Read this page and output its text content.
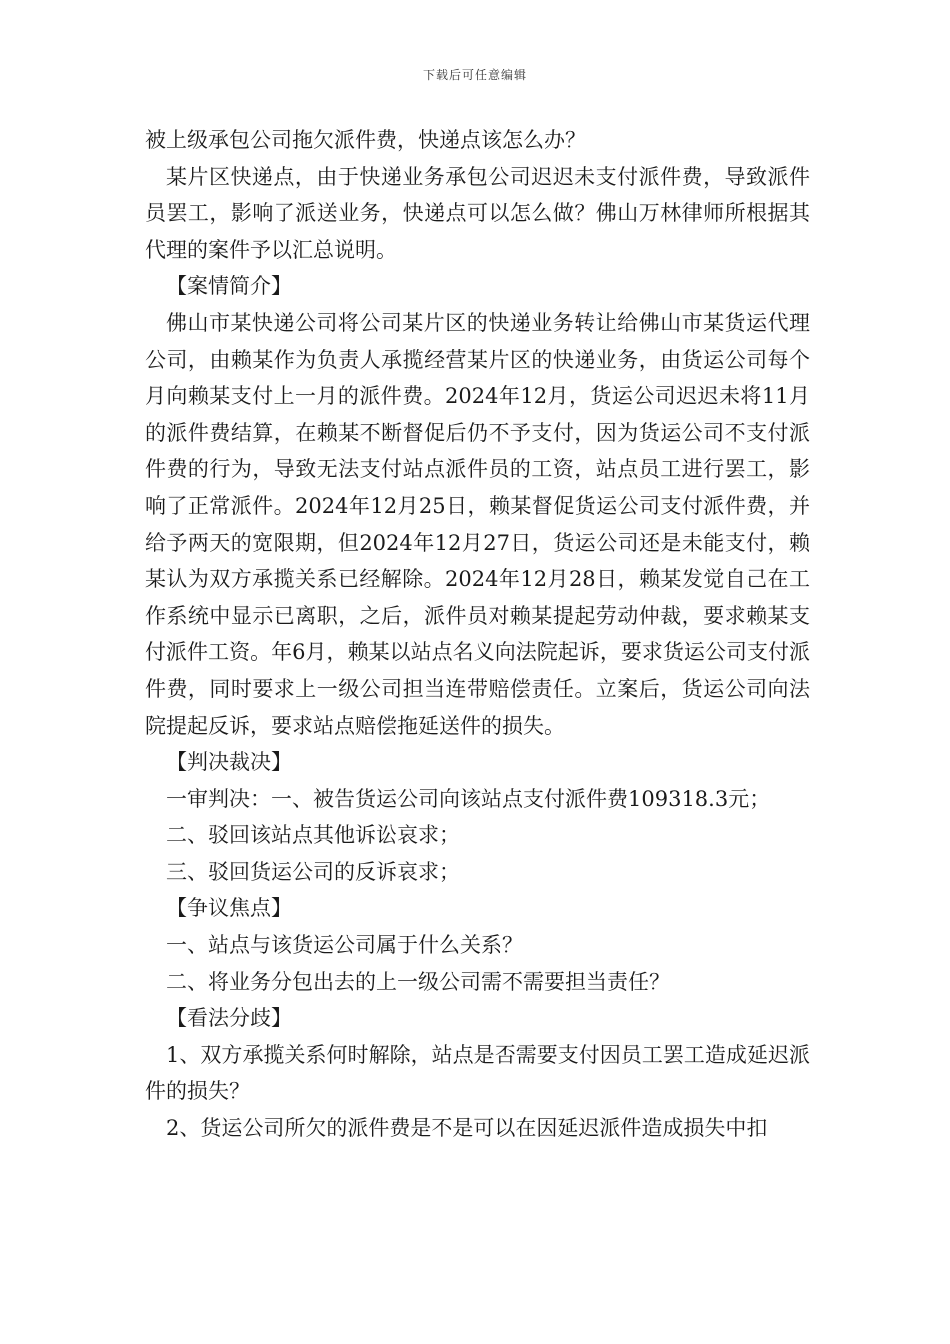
下载后可任意编辑

被上级承包公司拖欠派件费，快递点该怎么办？

某片区快递点，由于快递业务承包公司迟迟未支付派件费，导致派件员罢工，影响了派送业务，快递点可以怎么做？佛山万林律师所根据其代理的案件予以汇总说明。

【案情简介】

佛山市某快递公司将公司某片区的快递业务转让给佛山市某货运代理公司，由赖某作为负责人承揽经营某片区的快递业务，由货运公司每个月向赖某支付上一月的派件费。2024年12月，货运公司迟迟未将11月的派件费结算，在赖某不断督促后仍不予支付，因为货运公司不支付派件费的行为，导致无法支付站点派件员的工资，站点员工进行罢工，影响了正常派件。2024年12月25日，赖某督促货运公司支付派件费，并给予两天的宽限期，但2024年12月27日，货运公司还是未能支付，赖某认为双方承揽关系已经解除。2024年12月28日，赖某发觉自己在工作系统中显示已离职，之后，派件员对赖某提起劳动仲裁，要求赖某支付派件工资。年6月，赖某以站点名义向法院起诉，要求货运公司支付派件费，同时要求上一级公司担当连带赔偿责任。立案后，货运公司向法院提起反诉，要求站点赔偿拖延送件的损失。

【判决裁决】

一审判决：一、被告货运公司向该站点支付派件费109318.3元；

二、驳回该站点其他诉讼哀求；

三、驳回货运公司的反诉哀求；

【争议焦点】

一、站点与该货运公司属于什么关系？

二、将业务分包出去的上一级公司需不需要担当责任？

【看法分歧】

1、双方承揽关系何时解除，站点是否需要支付因员工罢工造成延迟派件的损失？

2、货运公司所欠的派件费是不是可以在因延迟派件造成损失中扣
